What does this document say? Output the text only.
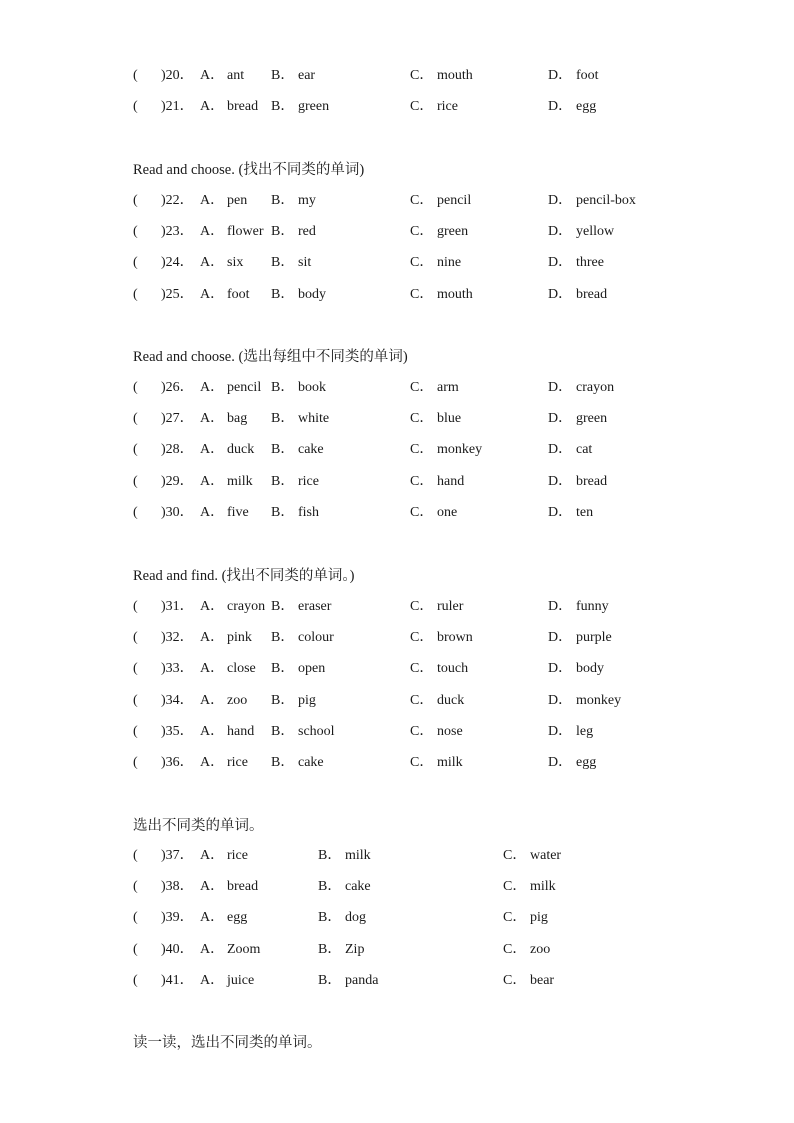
( )20． A． ant B． ear	C． mouth	D． foot
( )21． A． bread B． green	C． rice	D． egg
Read and choose. (找出不同类的单词)
( )22． A． pen B． my	C． pencil	D． pencil-box
( )23． A． flower B． red	C． green	D． yellow
( )24． A． six B． sit	C． nine	D． three
( )25． A． foot B． body	C． mouth	D． bread
Read and choose. (选出每组中不同类的单词)
( )26． A． pencil B． book	C． arm	D． crayon
( )27． A． bag B． white	C． blue	D． green
( )28． A． duck B． cake	C． monkey	D． cat
( )29． A． milk B． rice	C． hand	D． bread
( )30． A． five B． fish	C． one	D． ten
Read and find. (找出不同类的单词。)
( )31． A． crayon B． eraser	C． ruler	D． funny
( )32． A． pink B． colour	C． brown	D． purple
( )33． A． close B． open	C． touch	D． body
( )34． A． zoo B． pig	C． duck	D． monkey
( )35． A． hand B． school	C． nose	D． leg
( )36． A． rice B． cake	C． milk	D． egg
选出不同类的单词。
( )37． A． rice	B． milk	C． water
( )38． A． bread	B． cake	C． milk
( )39． A． egg	B． dog	C． pig
( )40． A． Zoom	B． Zip	C． zoo
( )41． A． juice	B． panda	C． bear
读一读，选出不同类的单词。
